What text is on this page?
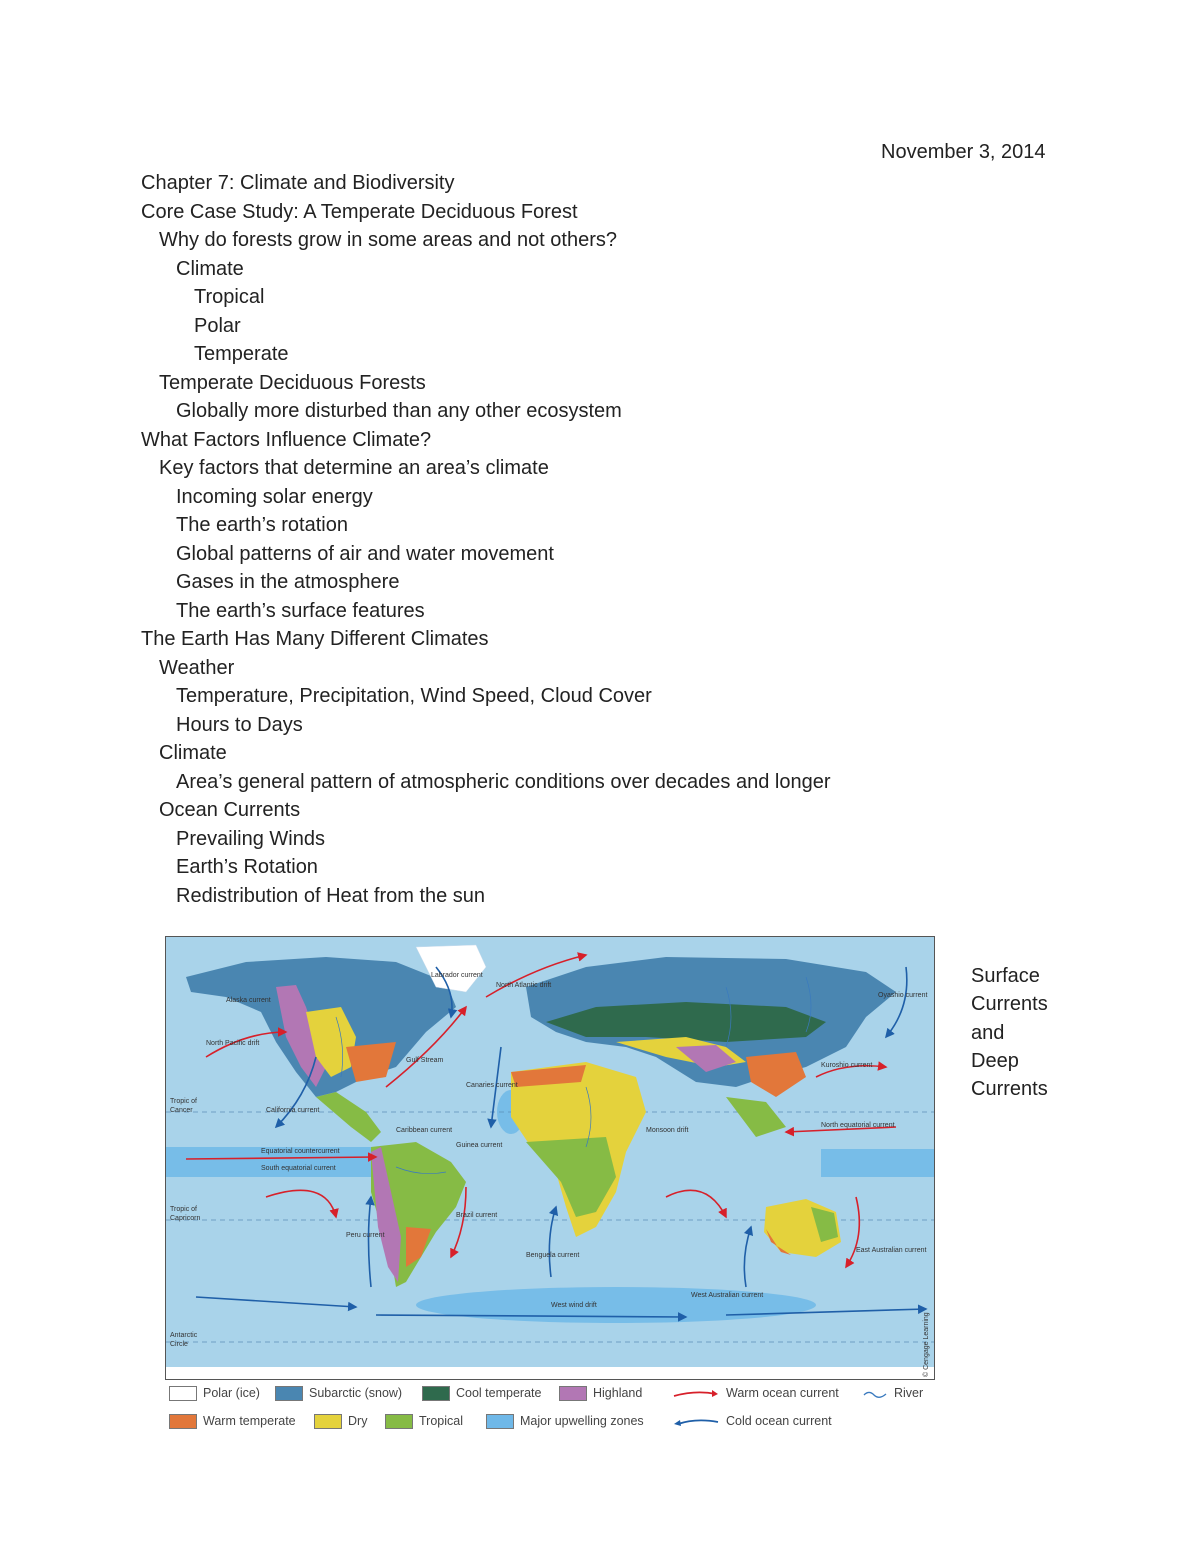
November 3, 2014
Chapter 7: Climate and Biodiversity
Core Case Study: A Temperate Deciduous Forest
Why do forests grow in some areas and not others?
Climate
Tropical
Polar
Temperate
Temperate Deciduous Forests
Globally more disturbed than any other ecosystem
What Factors Influence Climate?
Key factors that determine an area’s climate
Incoming solar energy
The earth’s rotation
Global patterns of air and water movement
Gases in the atmosphere
The earth’s surface features
The Earth Has Many Different Climates
Weather
Temperature, Precipitation, Wind Speed, Cloud Cover
Hours to Days
Climate
Area’s general pattern of atmospheric conditions over decades and longer
Ocean Currents
Prevailing Winds
Earth’s Rotation
Redistribution of Heat from the sun
Tropic of Cancer
Tropic of Capricorn
Antarctic Circle
Alaska current
North Pacific drift
Labrador current
North Atlantic drift
Gulf Stream
California current
Canaries current
Kuroshio current
North equatorial current
Equatorial countercurrent
South equatorial current
Caribbean current
Guinea current
Monsoon drift
Oyashio current
Peru current
Brazil current
Benguela current
West wind drift
West Australian current
East Australian current
© Cengage Learning
Surface
Currents
and
Deep
Currents
Polar (ice)	Subarctic (snow)	Cool temperate	Highland	Warm ocean current	River
Warm temperate	Dry	Tropical	Major upwelling zones	Cold ocean current
